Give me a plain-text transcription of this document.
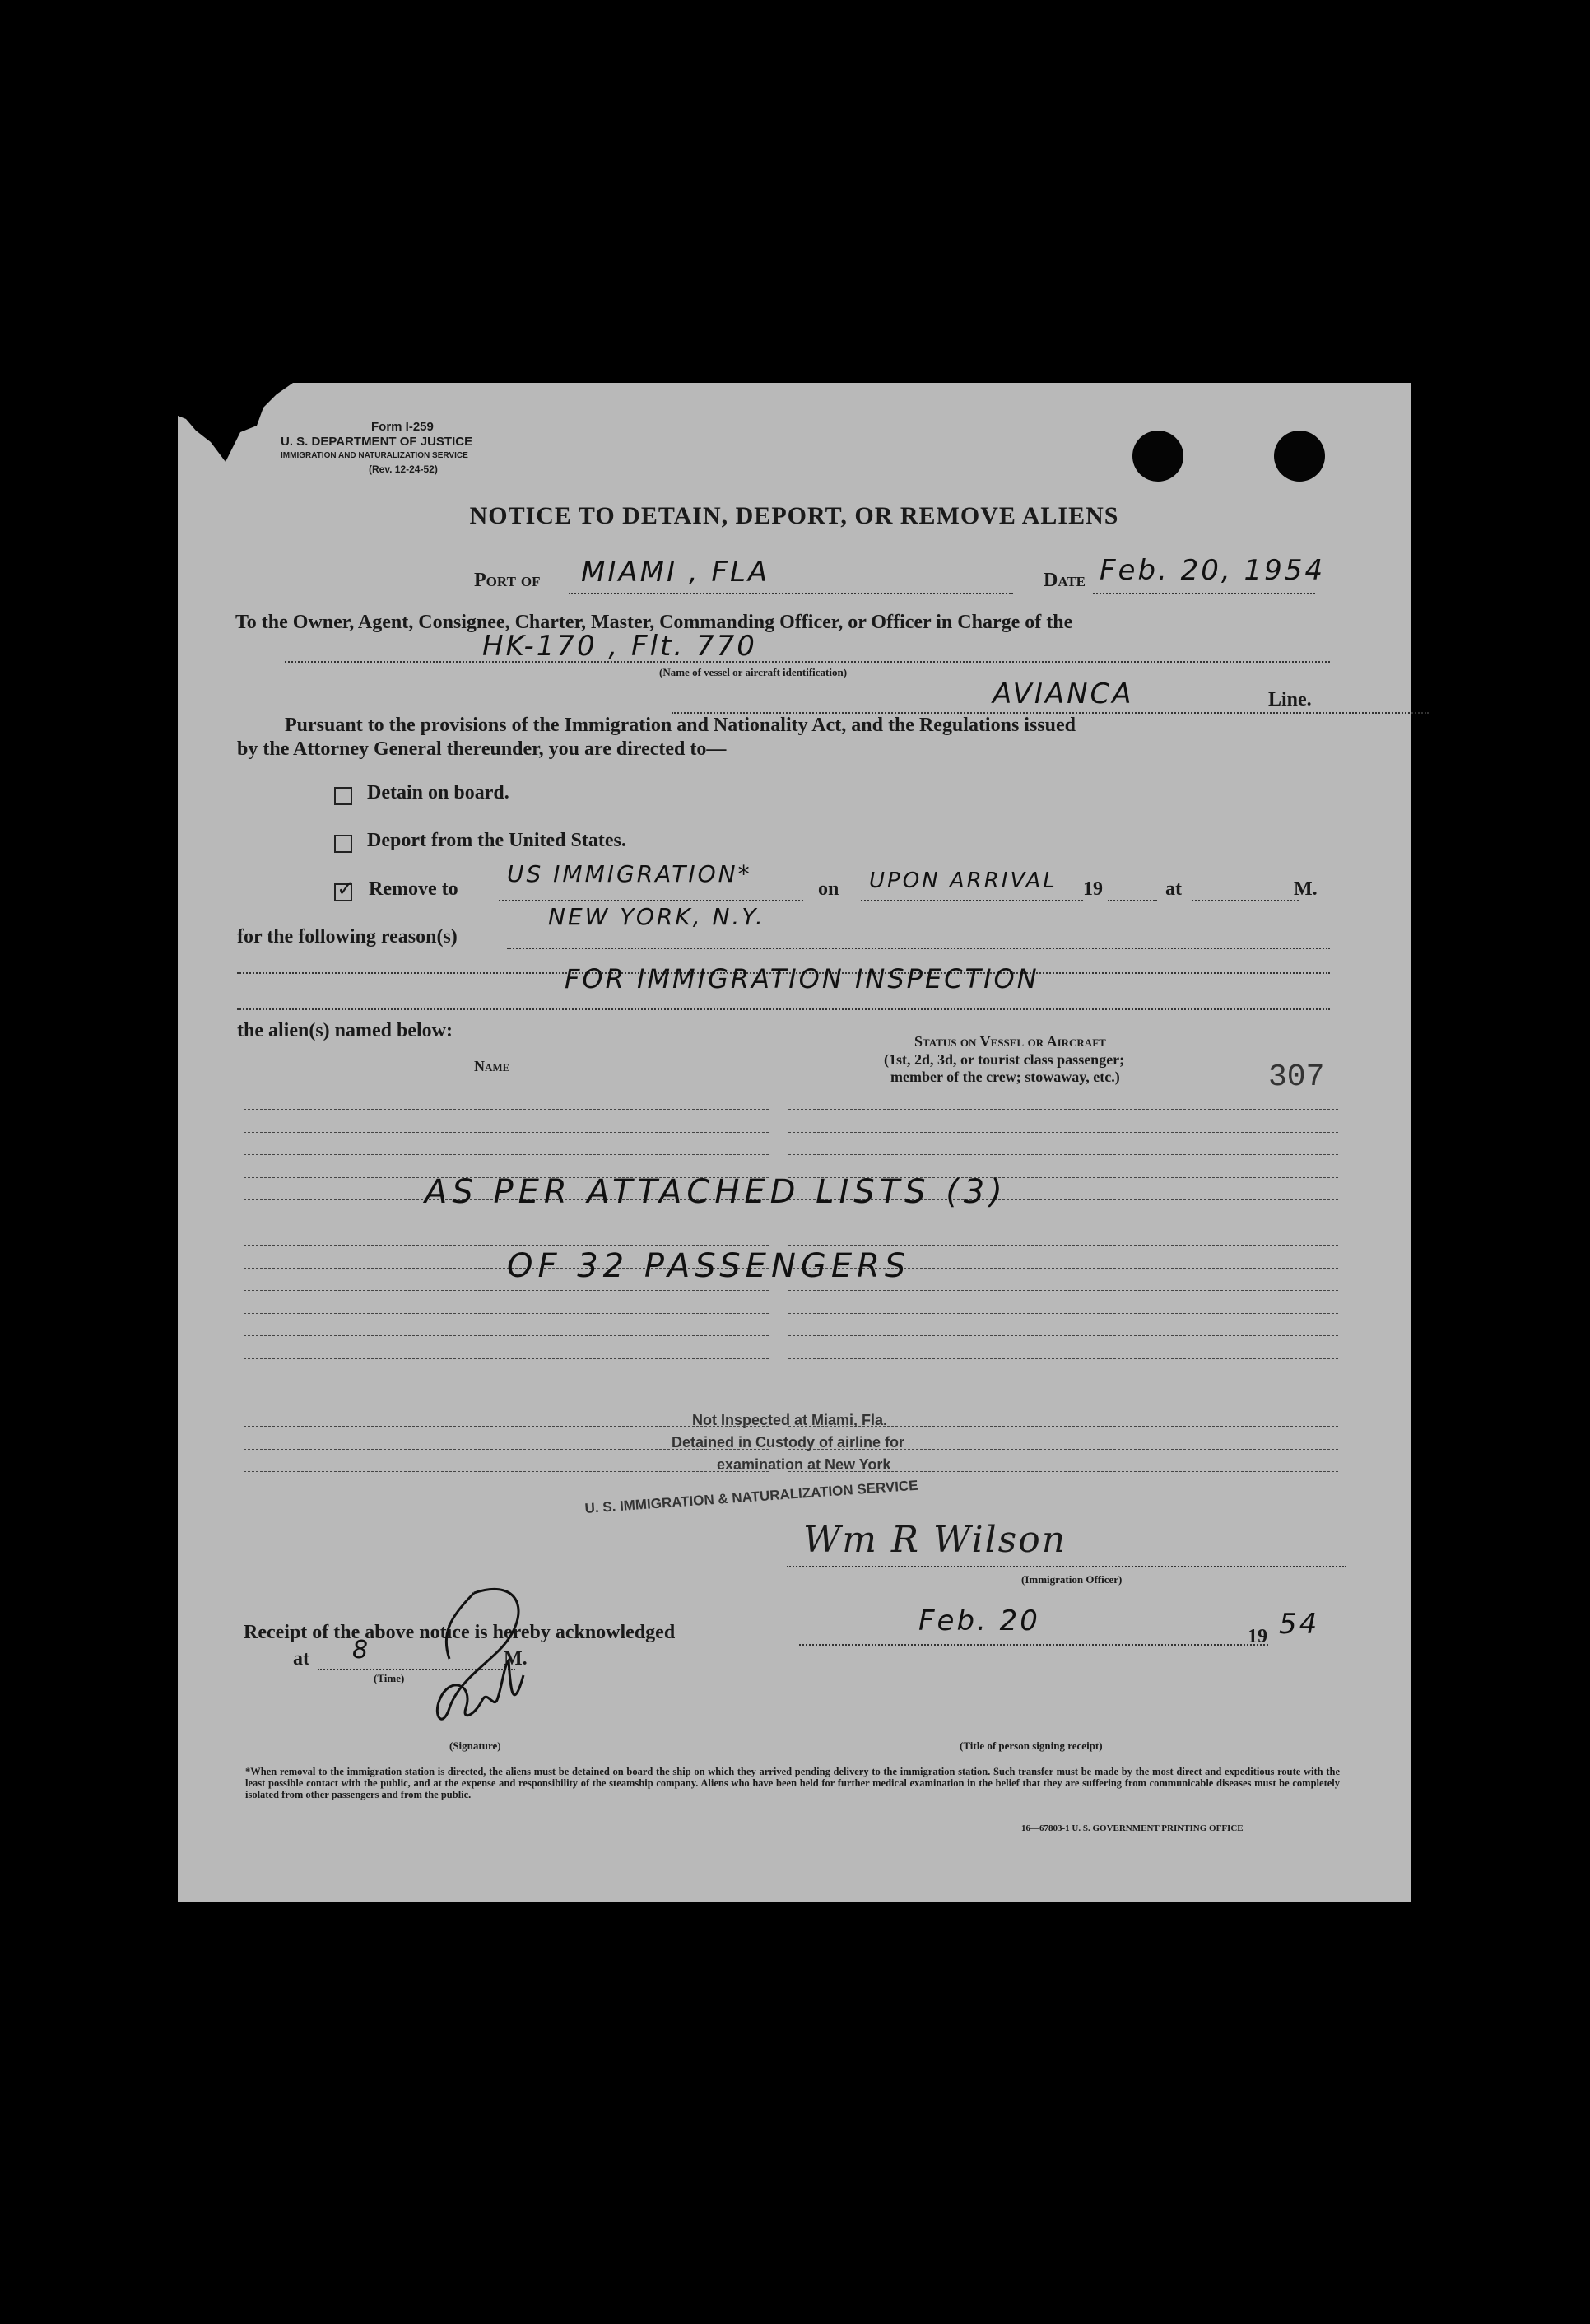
Form I-259
U. S. DEPARTMENT OF JUSTICE
IMMIGRATION AND NATURALIZATION SERVICE
(Rev. 12-24-52)
NOTICE TO DETAIN, DEPORT, OR REMOVE ALIENS
Port of MIAMI , FLA	Date Feb. 20, 1954
To the Owner, Agent, Consignee, Charter, Master, Commanding Officer, or Officer in Charge of the
HK-170 , Flt. 770
(Name of vessel or aircraft identification)
AVIANCA	Line.
Pursuant to the provisions of the Immigration and Nationality Act, and the Regulations issued
by the Attorney General thereunder, you are directed to—
Detain on board.
Deport from the United States.
✓ Remove to
US IMMIGRATION*
on UPON ARRIVAL 19	at	M.
NEW YORK, N.Y.
for the following reason(s)
FOR IMMIGRATION INSPECTION
the alien(s) named below:
Name
Status on Vessel or Aircraft
(1st, 2d, 3d, or tourist class passenger;
member of the crew; stowaway, etc.)	307
AS PER ATTACHED LISTS (3)
OF 32 PASSENGERS
Not Inspected at Miami, Fla.
Detained in Custody of airline for
examination at New York
U. S. IMMIGRATION & NATURALIZATION SERVICE
Wm R Wilson
(Immigration Officer)
Receipt of the above notice is hereby acknowledged	Feb. 20	19 54
at 8	M.
(Time)
(Signature)	(Title of person signing receipt)
*When removal to the immigration station is directed, the aliens must be detained on board the ship on which they arrived pending delivery to the immigration station. Such transfer must be made by the most direct and expeditious route with the least possible contact with the public, and at the expense and responsibility of the steamship company. Aliens who have been held for further medical examination in the belief that they are suffering from communicable diseases must be completely isolated from other passengers and from the public.
16—67803-1 U. S. GOVERNMENT PRINTING OFFICE
